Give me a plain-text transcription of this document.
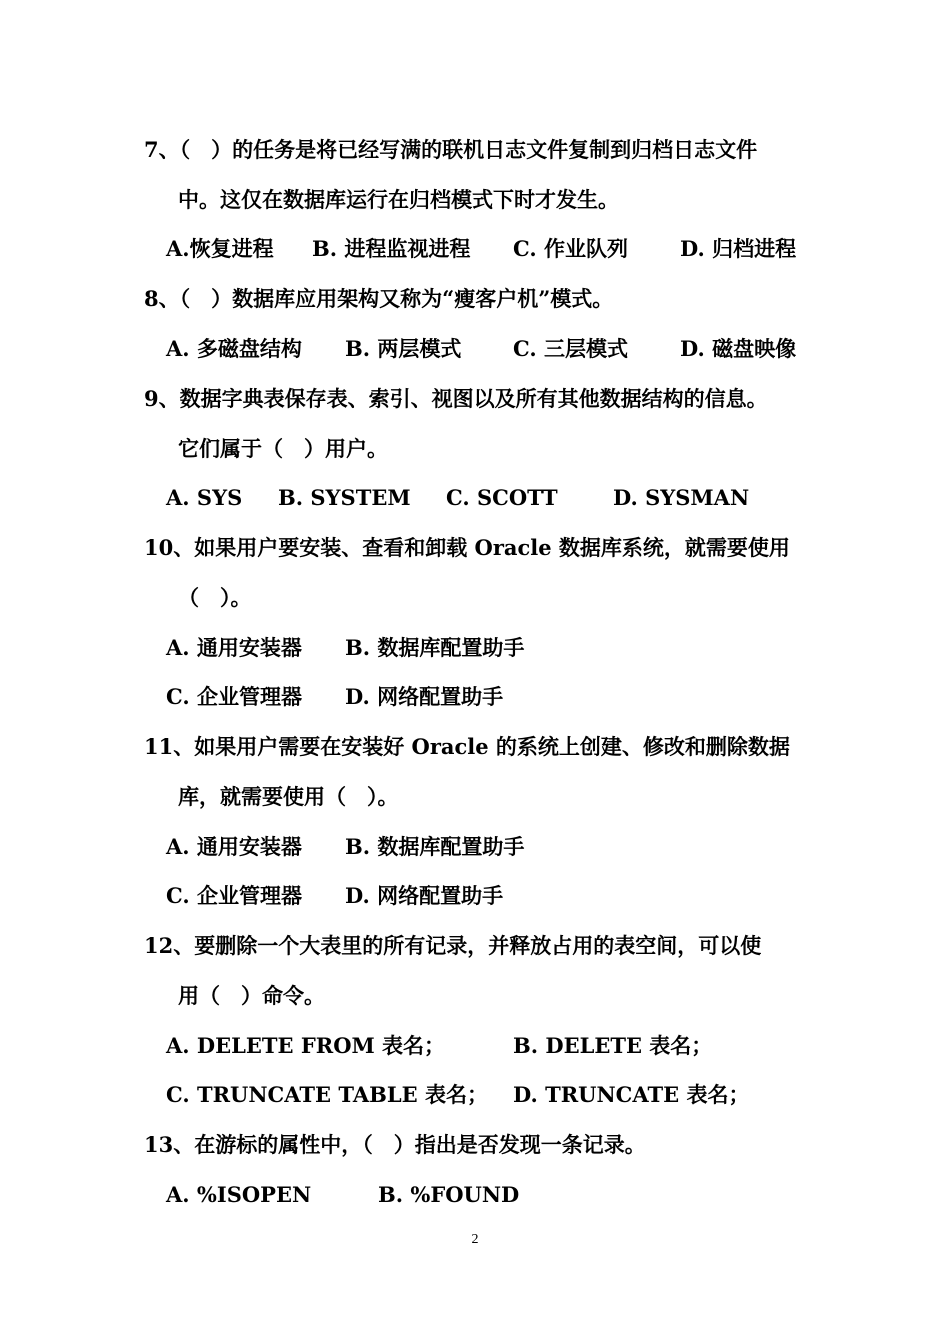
7、（　）的任务是将已经写满的联机日志文件复制到归档日志文件
中。这仅在数据库运行在归档模式下时才发生。
A.恢复进程 B. 进程监视进程 C. 作业队列 D. 归档进程
8、（　）数据库应用架构又称为“瘦客户机”模式。
A. 多磁盘结构 B. 两层模式 C. 三层模式 D. 磁盘映像
9、数据字典表保存表、索引、视图以及所有其他数据结构的信息。
它们属于（　）用户。
A. SYS B. SYSTEM C. SCOTT	D. SYSMAN
10、如果用户要安装、查看和卸载 Oracle 数据库系统，就需要使用
（　）。
A. 通用安装器 B. 数据库配置助手
C. 企业管理器 D. 网络配置助手
11、如果用户需要在安装好 Oracle 的系统上创建、修改和删除数据
库，就需要使用（　）。
A. 通用安装器 B. 数据库配置助手
C. 企业管理器 D. 网络配置助手
12、要删除一个大表里的所有记录，并释放占用的表空间，可以使
用（　）命令。
A. DELETE FROM 表名；	B. DELETE 表名；
C. TRUNCATE TABLE 表名； D. TRUNCATE 表名；
13、在游标的属性中，（　）指出是否发现一条记录。
A. %ISOPEN	B. %FOUND
2
